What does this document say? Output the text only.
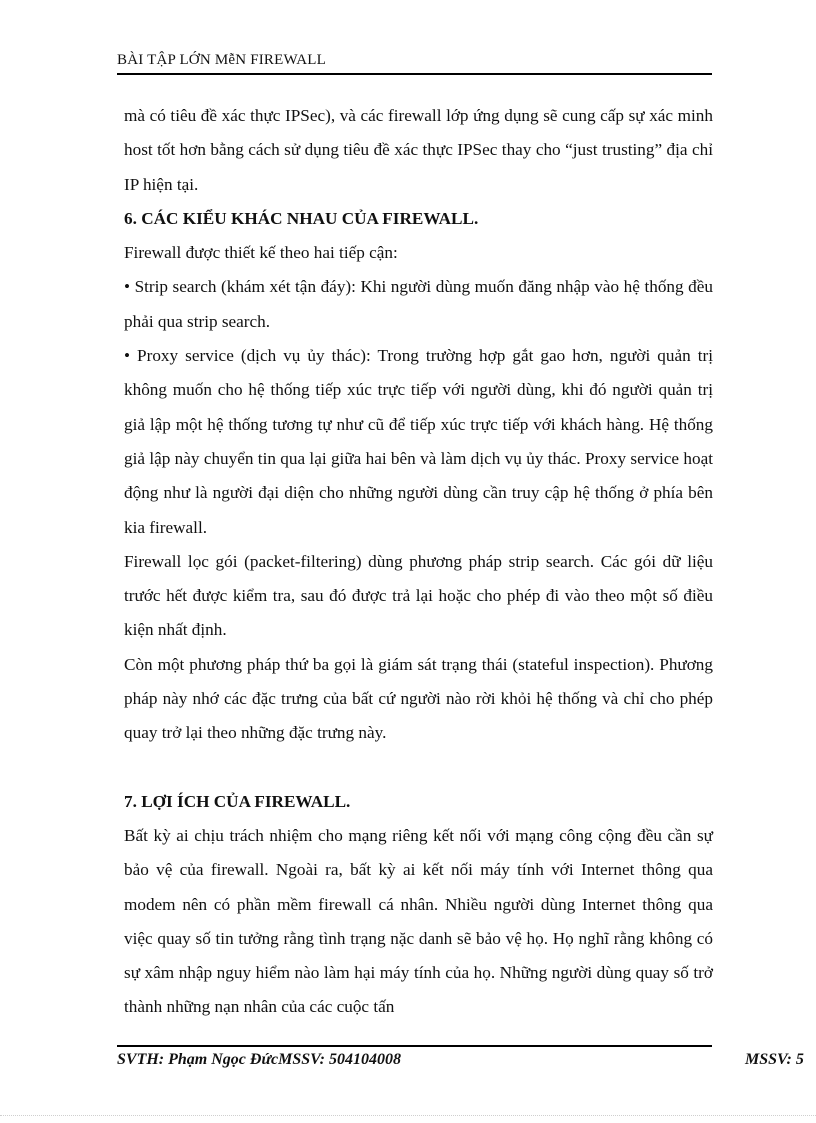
BÀI TẬP LỚN MễN FIREWALL

mà có tiêu đề xác thực IPSec), và các firewall lớp ứng dụng sẽ cung cấp sự xác minh host tốt hơn bằng cách sử dụng tiêu đề xác thực IPSec thay cho “just trusting” địa chỉ IP hiện tại.

6. CÁC KIỂU KHÁC NHAU CỦA FIREWALL.

Firewall được thiết kế theo hai tiếp cận:

• Strip search (khám xét tận đáy): Khi người dùng muốn đăng nhập vào hệ thống đều phải qua strip search.

• Proxy service (dịch vụ ủy thác): Trong trường hợp gắt gao hơn, người quản trị không muốn cho hệ thống tiếp xúc trực tiếp với người dùng, khi đó người quản trị giả lập một hệ thống tương tự như cũ để tiếp xúc trực tiếp với khách hàng. Hệ thống giả lập này chuyển tin qua lại giữa hai bên và làm dịch vụ ủy thác. Proxy service hoạt động như là người đại diện cho những người dùng cần truy cập hệ thống ở phía bên kia firewall.

Firewall lọc gói (packet-filtering) dùng phương pháp strip search. Các gói dữ liệu trước hết được kiểm tra, sau đó được trả lại hoặc cho phép đi vào theo một số điều kiện nhất định.

Còn một phương pháp thứ ba gọi là giám sát trạng thái (stateful inspection). Phương pháp này nhớ các đặc trưng của bất cứ người nào rời khỏi hệ thống và chỉ cho phép quay trở lại theo những đặc trưng này.

7. LỢI ÍCH CỦA FIREWALL.

Bất kỳ ai chịu trách nhiệm cho mạng riêng kết nối với mạng công cộng đều cần sự bảo vệ của firewall. Ngoài ra, bất kỳ ai kết nối máy tính với Internet thông qua modem nên có phần mềm firewall cá nhân. Nhiều người dùng Internet thông qua việc quay số tin tưởng rằng tình trạng nặc danh sẽ bảo vệ họ. Họ nghĩ rằng không có sự xâm nhập nguy hiểm nào làm hại máy tính của họ. Những người dùng quay số trở thành những nạn nhân của các cuộc tấn

SVTH: Phạm Ngọc ĐứcMSSV: 504104008	MSSV: 5
